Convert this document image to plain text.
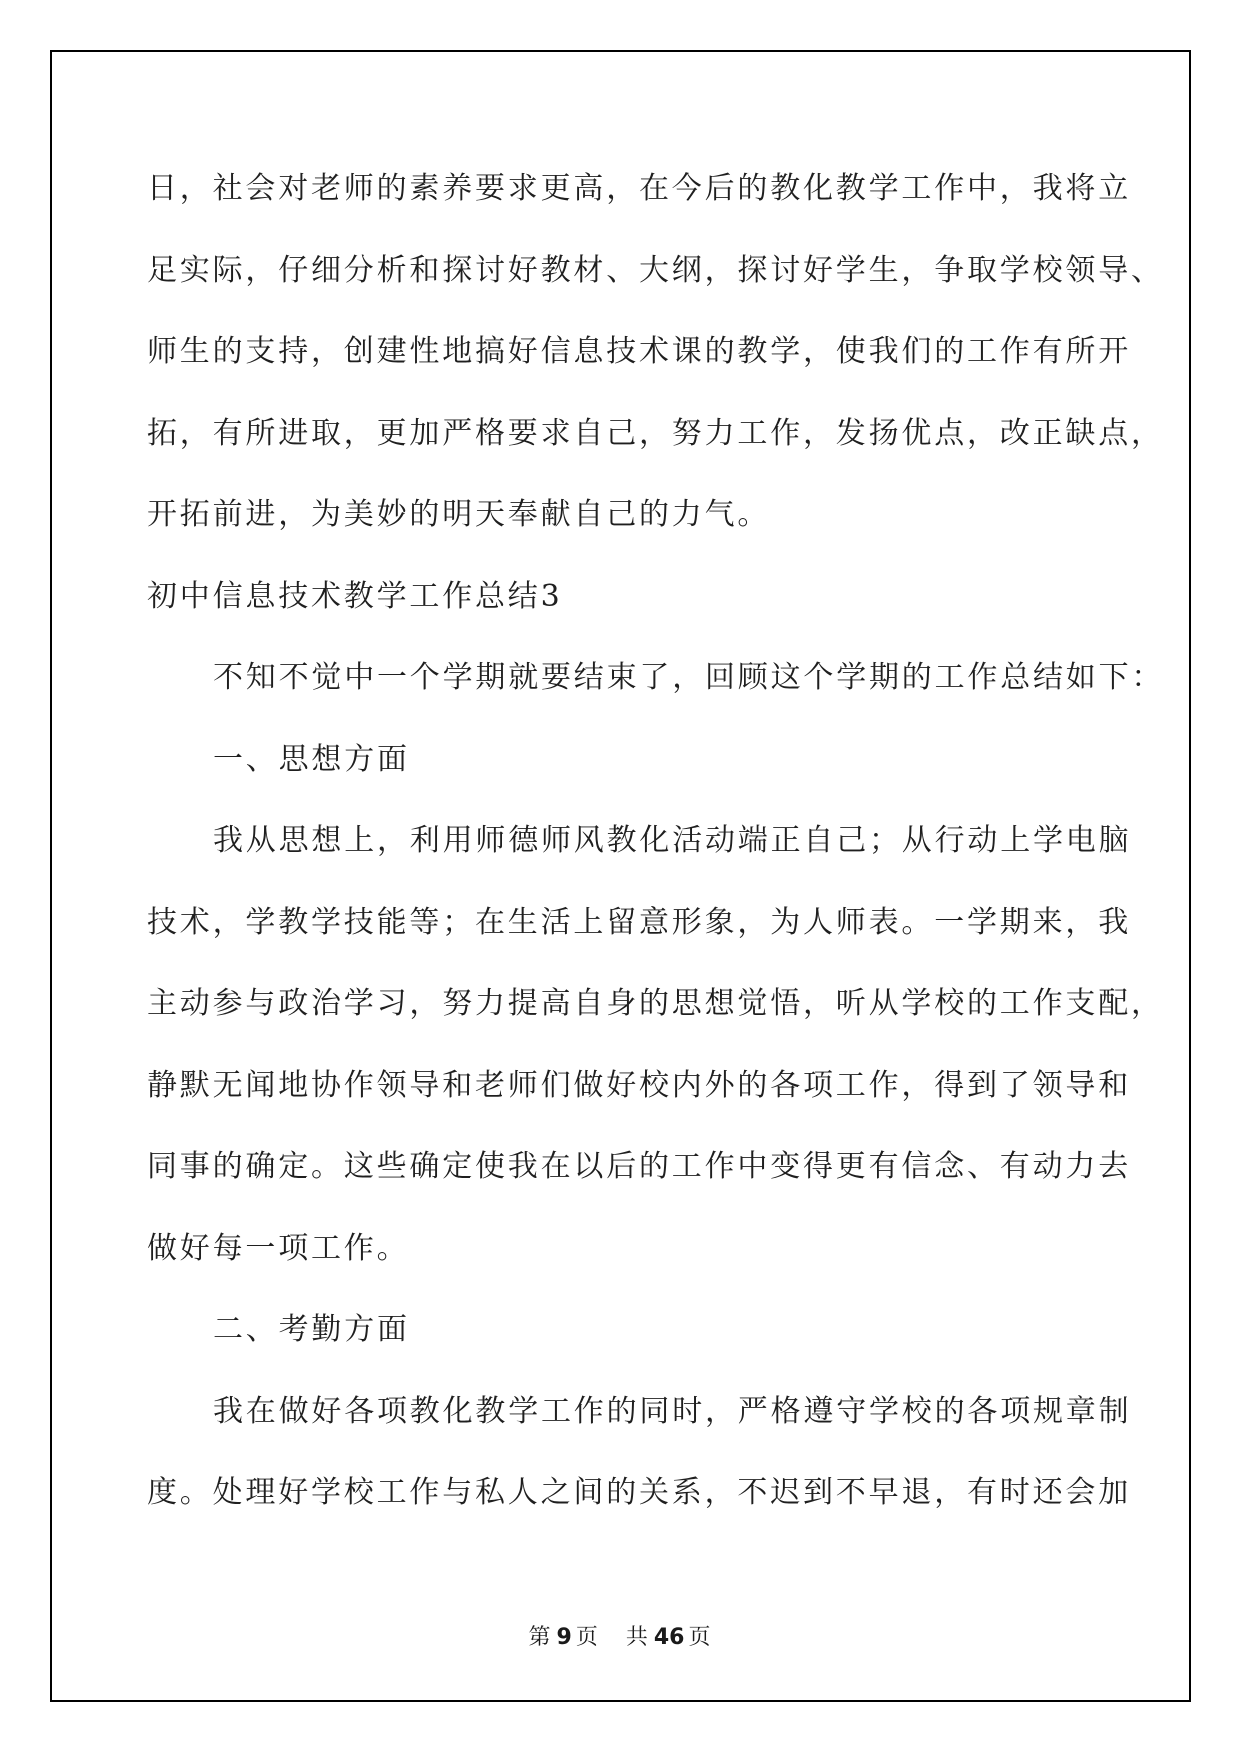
日，社会对老师的素养要求更高，在今后的教化教学工作中，我将立
足实际，仔细分析和探讨好教材、大纲，探讨好学生，争取学校领导、
师生的支持，创建性地搞好信息技术课的教学，使我们的工作有所开
拓，有所进取，更加严格要求自己，努力工作，发扬优点，改正缺点，
开拓前进，为美妙的明天奉献自己的力气。
初中信息技术教学工作总结3
不知不觉中一个学期就要结束了，回顾这个学期的工作总结如下：
一、思想方面
我从思想上，利用师德师风教化活动端正自己；从行动上学电脑
技术，学教学技能等；在生活上留意形象，为人师表。一学期来，我
主动参与政治学习，努力提高自身的思想觉悟，听从学校的工作支配，
静默无闻地协作领导和老师们做好校内外的各项工作，得到了领导和
同事的确定。这些确定使我在以后的工作中变得更有信念、有动力去
做好每一项工作。
二、考勤方面
我在做好各项教化教学工作的同时，严格遵守学校的各项规章制
度。处理好学校工作与私人之间的关系，不迟到不早退，有时还会加
第 9 页 共 46 页
